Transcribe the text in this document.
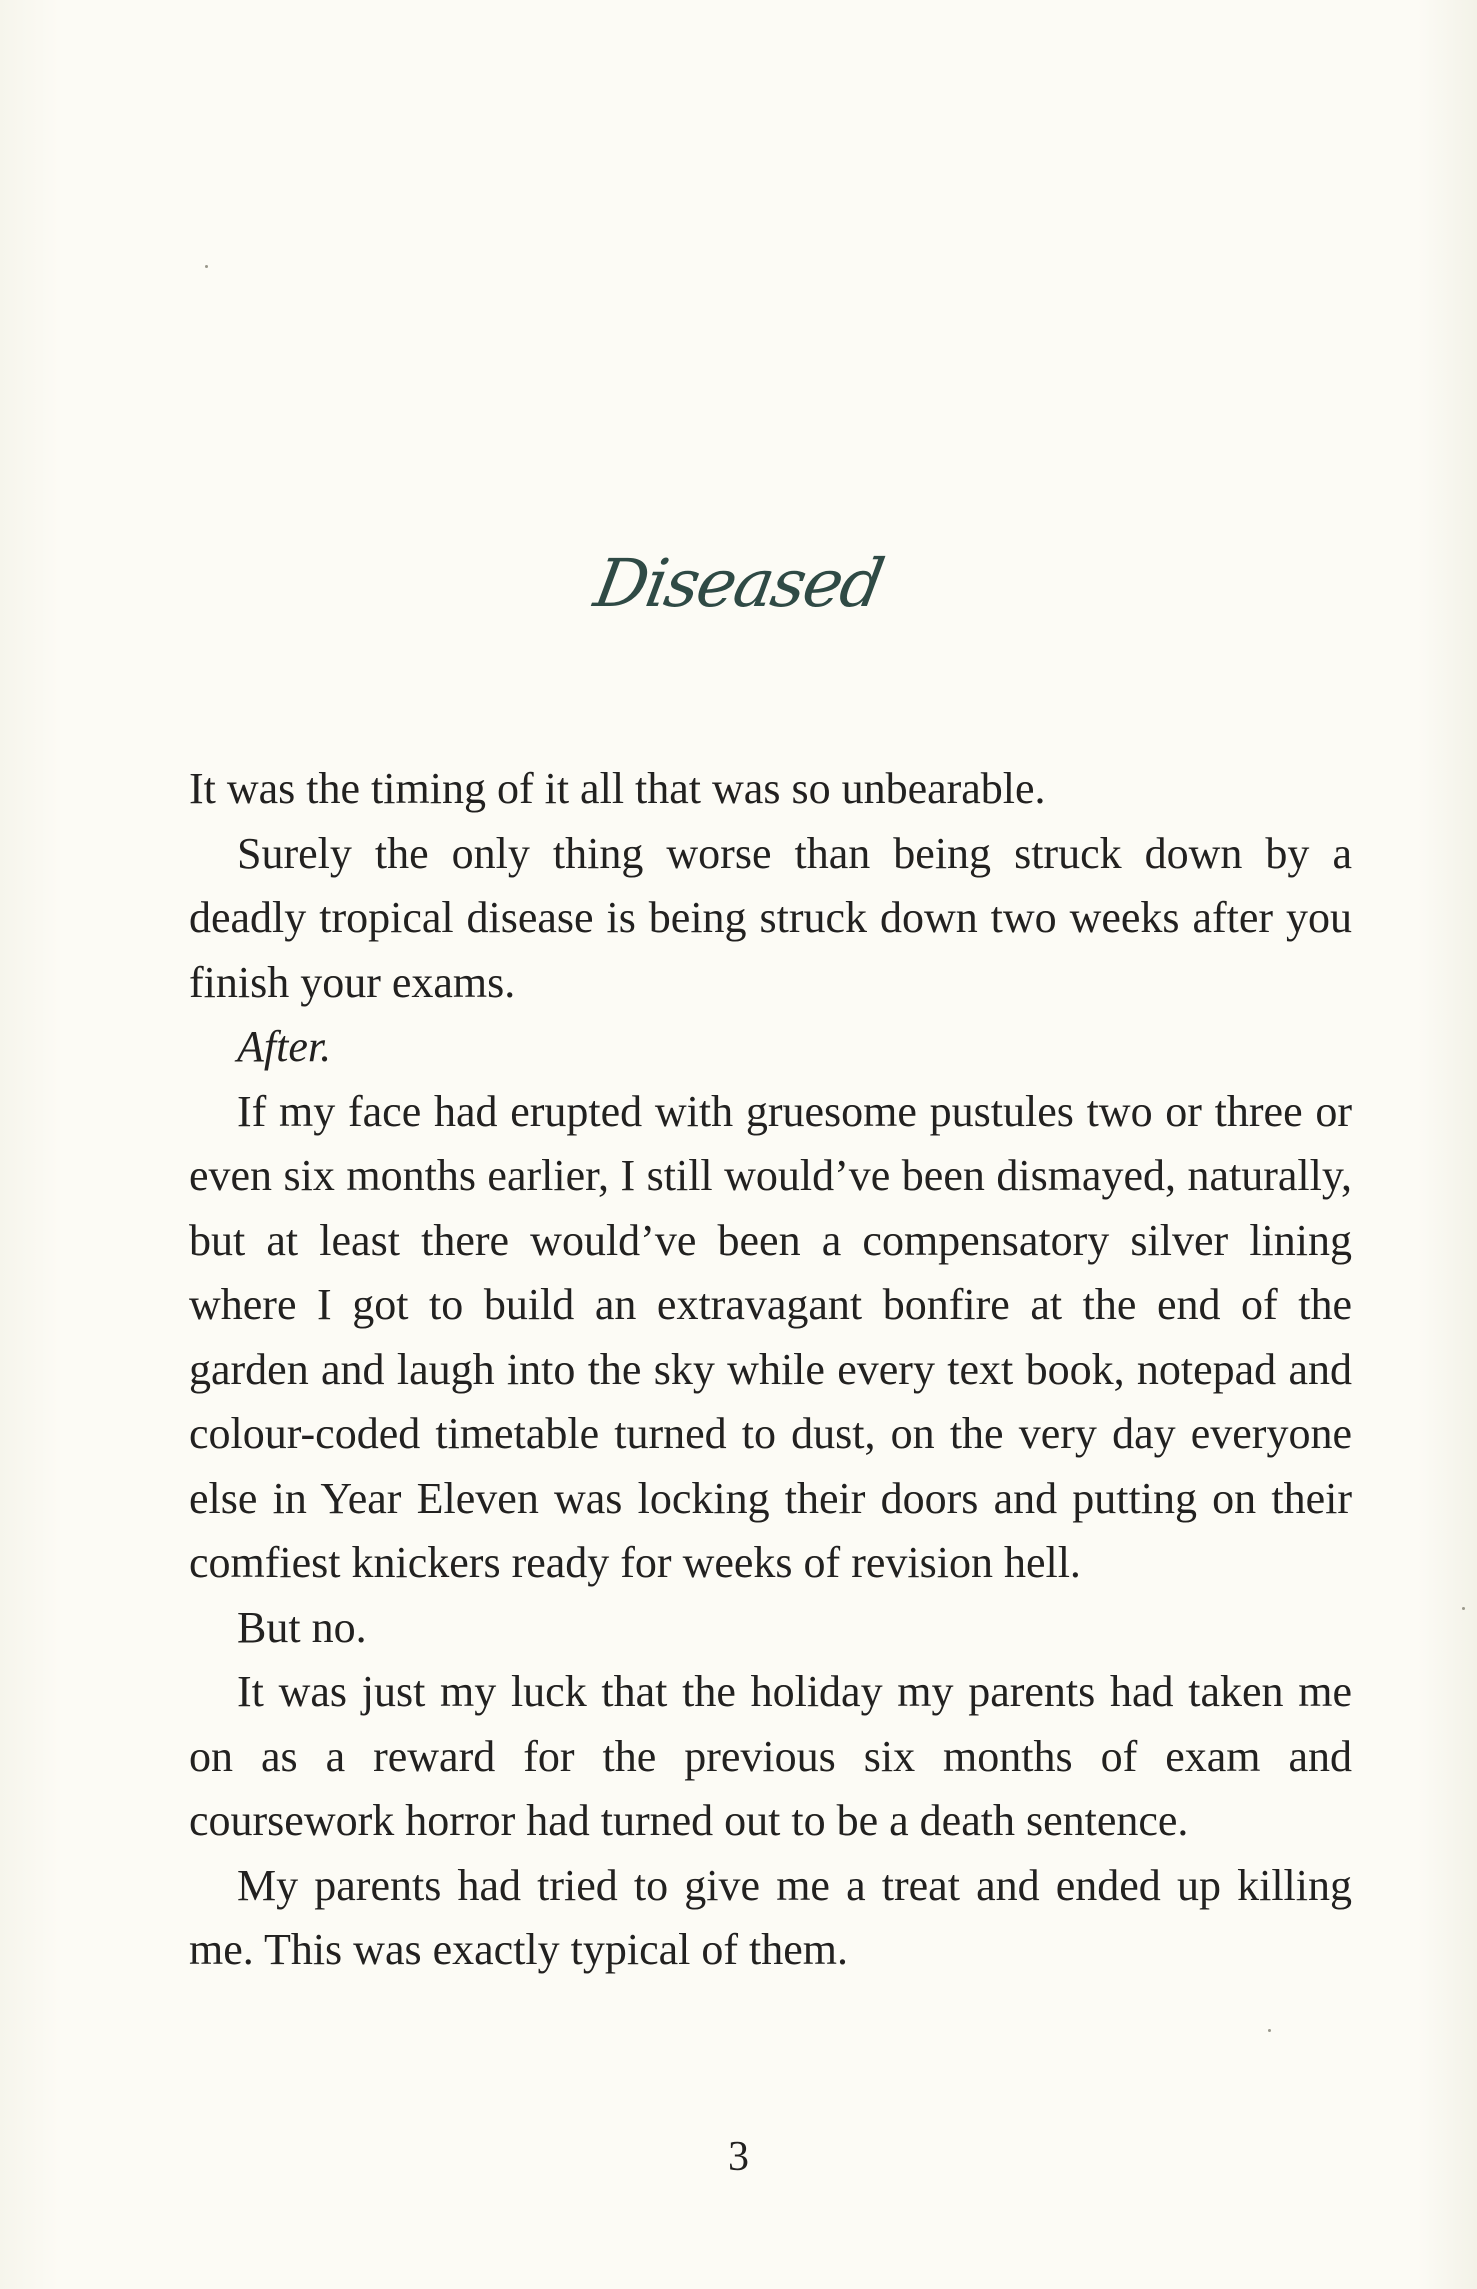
Diseased

It was the timing of it all that was so unbearable.

Surely the only thing worse than being struck down by a deadly tropical disease is being struck down two weeks after you finish your exams.

After.

If my face had erupted with gruesome pustules two or three or even six months earlier, I still would’ve been dismayed, naturally, but at least there would’ve been a compensatory silver lining where I got to build an extravagant bonfire at the end of the garden and laugh into the sky while every text book, notepad and colour-coded timetable turned to dust, on the very day everyone else in Year Eleven was locking their doors and putting on their comfiest knickers ready for weeks of revision hell.

But no.

It was just my luck that the holiday my parents had taken me on as a reward for the previous six months of exam and coursework horror had turned out to be a death sentence.

My parents had tried to give me a treat and ended up killing me. This was exactly typical of them.

3
